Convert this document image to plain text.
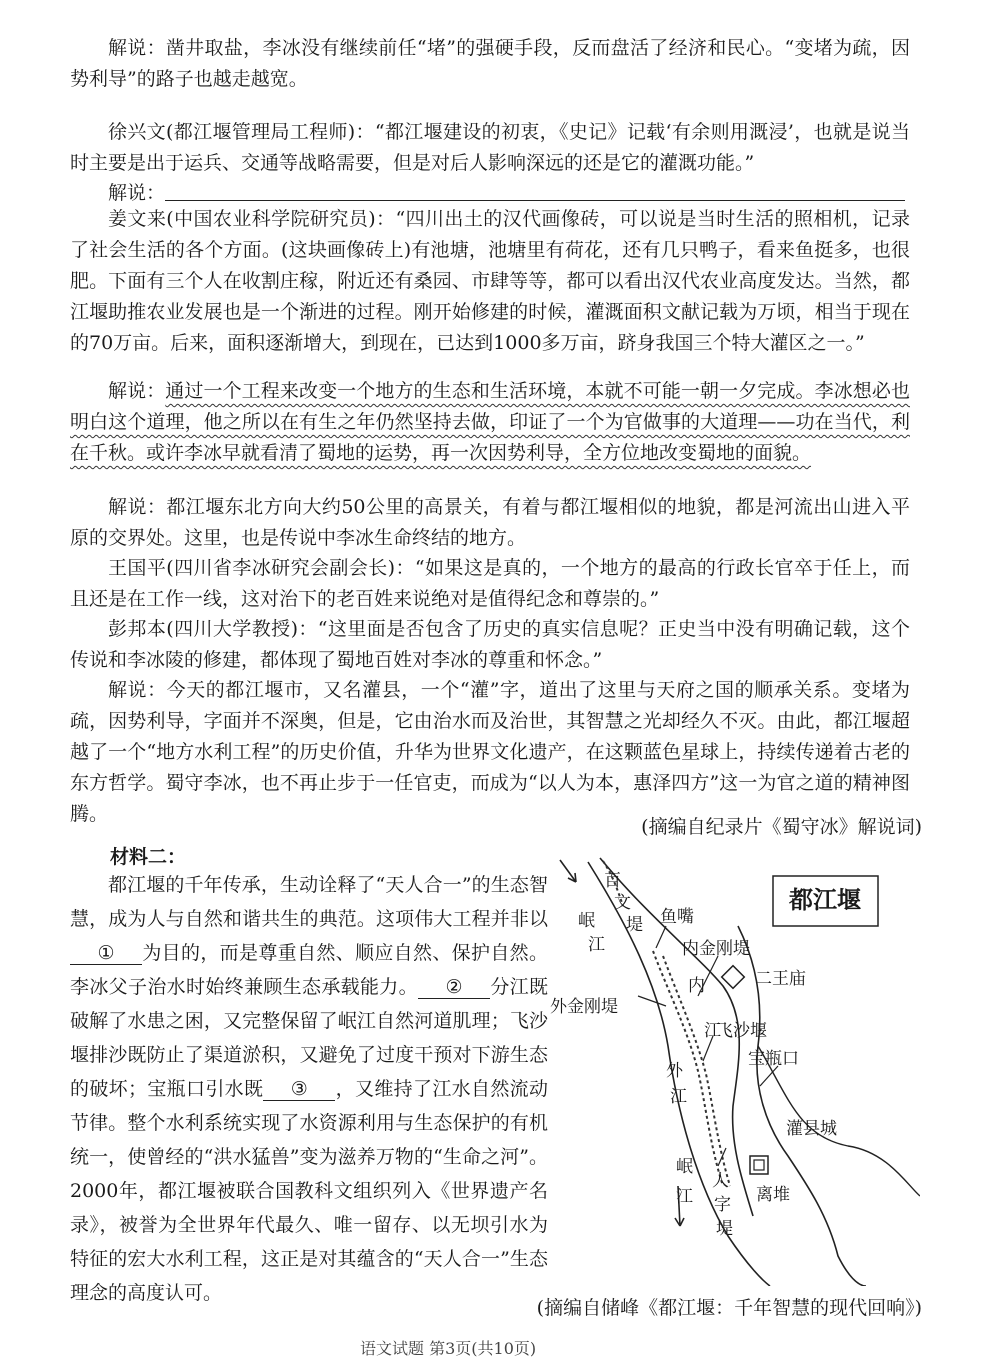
解说：凿井取盐，李冰没有继续前任“堵”的强硬手段，反而盘活了经济和民心。“变堵为疏，因势利导”的路子也越走越宽。

徐兴文(都江堰管理局工程师)：“都江堰建设的初衷，《史记》记载‘有余则用溉浸’，也就是说当时主要是出于运兵、交通等战略需要，但是对后人影响深远的还是它的灌溉功能。”

解说：

姜文来(中国农业科学院研究员)：“四川出土的汉代画像砖，可以说是当时生活的照相机，记录了社会生活的各个方面。(这块画像砖上)有池塘，池塘里有荷花，还有几只鸭子，看来鱼挺多，也很肥。下面有三个人在收割庄稼，附近还有桑园、市肆等等，都可以看出汉代农业高度发达。当然，都江堰助推农业发展也是一个渐进的过程。刚开始修建的时候，灌溉面积文献记载为万顷，相当于现在的70万亩。后来，面积逐渐增大，到现在，已达到1000多万亩，跻身我国三个特大灌区之一。”

解说：通过一个工程来改变一个地方的生态和生活环境，本就不可能一朝一夕完成。李冰想必也明白这个道理，他之所以在有生之年仍然坚持去做，印证了一个为官做事的大道理——功在当代，利在千秋。或许李冰早就看清了蜀地的运势，再一次因势利导，全方位地改变蜀地的面貌。

解说：都江堰东北方向大约50公里的高景关，有着与都江堰相似的地貌，都是河流出山进入平原的交界处。这里，也是传说中李冰生命终结的地方。

王国平(四川省李冰研究会副会长)：“如果这是真的，一个地方的最高的行政长官卒于任上，而且还是在工作一线，这对治下的老百姓来说绝对是值得纪念和尊崇的。”

彭邦本(四川大学教授)：“这里面是否包含了历史的真实信息呢？正史当中没有明确记载，这个传说和李冰陵的修建，都体现了蜀地百姓对李冰的尊重和怀念。”

解说：今天的都江堰市，又名灌县，一个“灌”字，道出了这里与天府之国的顺承关系。变堵为疏，因势利导，字面并不深奥，但是，它由治水而及治世，其智慧之光却经久不灭。由此，都江堰超越了一个“地方水利工程”的历史价值，升华为世界文化遗产，在这颗蓝色星球上，持续传递着古老的东方哲学。蜀守李冰，也不再止步于一任官吏，而成为“以人为本，惠泽四方”这一为官之道的精神图腾。

(摘编自纪录片《蜀守冰》解说词)
材料二：

都江堰的千年传承，生动诠释了“天人合一”的生态智慧，成为人与自然和谐共生的典范。这项伟大工程并非以① 为目的，而是尊重自然、顺应自然、保护自然。李冰父子治水时始终兼顾生态承载能力。 ② 分江既破解了水患之困，又完整保留了岷江自然河道肌理；飞沙堰排沙既防止了渠道淤积，又避免了过度干预对下游生态的破坏；宝瓶口引水既 ③ ，又维持了江水自然流动节律。整个水利系统实现了水资源利用与生态保护的有机统一，使曾经的“洪水猛兽”变为滋养万物的“生命之河”。2000年，都江堰被联合国教科文组织列入《世界遗产名录》，被誉为全世界年代最久、唯一留存、以无坝引水为特征的宏大水利工程，这正是对其蕴含的“天人合一”生态理念的高度认可。

都江堰
百
文
堤
岷
江
鱼嘴
内金刚堤
二王庙
外金刚堤
内
江
飞沙堰
外
江
宝瓶口
灌县城
岷
江
人
字
堤
离堆
(摘编自储峰《都江堰：千年智慧的现代回响》)
语文试题 第3页(共10页)
